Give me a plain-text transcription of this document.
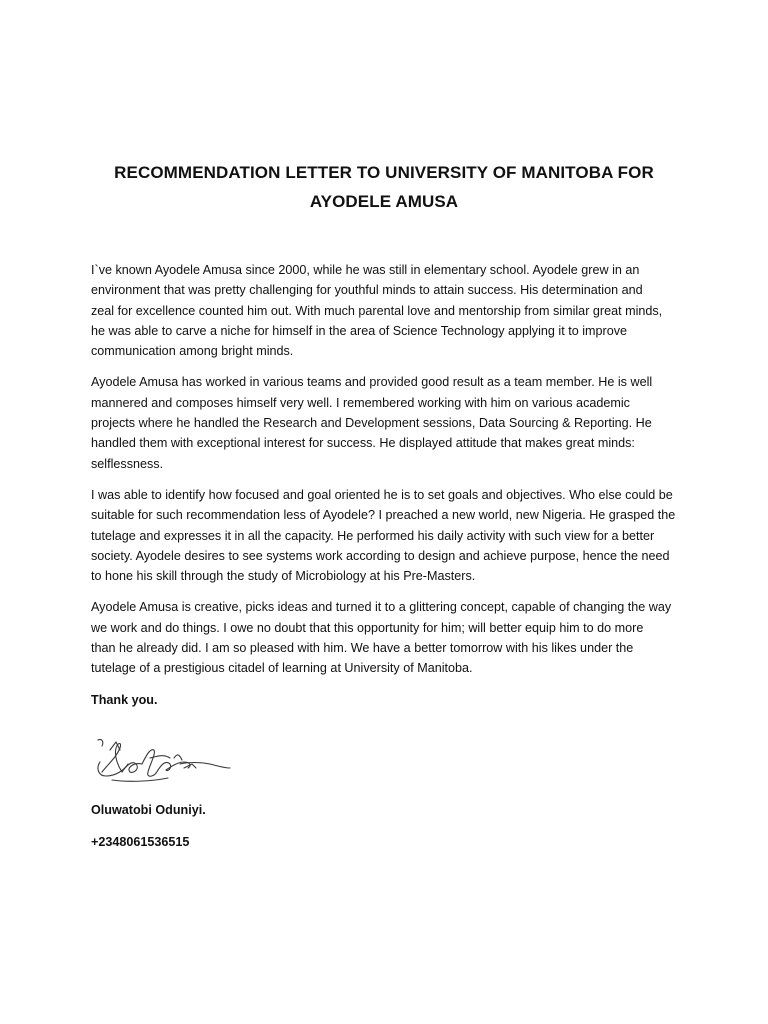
RECOMMENDATION LETTER TO UNIVERSITY OF MANITOBA FOR
AYODELE AMUSA
I`ve known Ayodele Amusa since 2000, while he was still in elementary school. Ayodele grew in an
environment that was pretty challenging for youthful minds to attain success. His determination and
zeal for excellence counted him out. With much parental love and mentorship from similar great minds,
he was able to carve a niche for himself in the area of Science Technology applying it to improve
communication among bright minds.
Ayodele Amusa has worked in various teams and provided good result as a team member. He is well
mannered and composes himself very well. I remembered working with him on various academic
projects where he handled the Research and Development sessions, Data Sourcing & Reporting. He
handled them with exceptional interest for success. He displayed attitude that makes great minds:
selflessness.
I was able to identify how focused and goal oriented he is to set goals and objectives. Who else could be
suitable for such recommendation less of Ayodele? I preached a new world, new Nigeria. He grasped the
tutelage and expresses it in all the capacity. He performed his daily activity with such view for a better
society. Ayodele desires to see systems work according to design and achieve purpose, hence the need
to hone his skill through the study of Microbiology at his Pre-Masters.
Ayodele Amusa is creative, picks ideas and turned it to a glittering concept, capable of changing the way
we work and do things. I owe no doubt that this opportunity for him; will better equip him to do more
than he already did. I am so pleased with him. We have a better tomorrow with his likes under the
tutelage of a prestigious citadel of learning at University of Manitoba.

Thank you.

Oluwatobi Oduniyi.
+2348061536515
